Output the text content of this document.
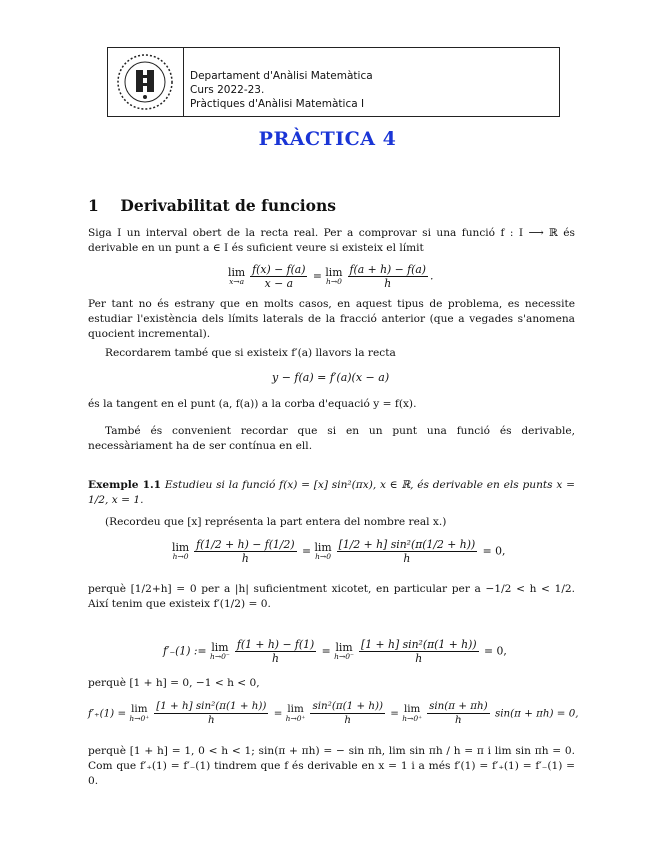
Departament d'Anàlisi Matemàtica
Curs 2022-23.
Pràctiques d'Anàlisi Matemàtica I
PRÀCTICA 4
1 Derivabilitat de funcions
Siga I un interval obert de la recta real. Per a comprovar si una funció f : I ⟶ ℝ és derivable en un punt a ∈ I és suficient veure si existeix el límit
lim
$x\to a \frac{f(x) - f(a)}{x - a} = \lim$
$h\to 0 \frac{f(a + h) - f(a)}{h}$ .
Per tant no és estrany que en molts casos, en aquest tipus de problema, es necessite estudiar l'existència dels límits laterals de la fracció anterior (que a vegades s'anomena quocient incremental).
Recordarem també que si existeix f′(a) llavors la recta
y − f(a) = f′(a)(x − a)
és la tangent en el punt (a, f(a)) a la corba d'equació y = f(x).
També és convenient recordar que si en un punt una funció és derivable, necessàriament ha de ser contínua en ell.
Exemple 1.1 Estudieu si la funció f(x) = [x] sin²(πx), x ∈ ℝ, és derivable en els punts x = 1/2, x = 1.
(Recordeu que [x] représenta la part entera del nombre real x.)
lim
$h\to 0 \frac{f(1/2 + h) - f(1/2)}{h} = \lim$
$h\to 0 \frac{\text{[1/2 + h] sin²(π(1/2 + h))}}{h} = 0$,
perquè [1/2+h] = 0 per a |h| suficientment xicotet, en particular per a −1/2 < h < 1/2. Així tenim que existeix f′(1/2) = 0.
f′₋(1) := lim
$h\to 0^- \frac{f(1 + h) - f(1)}{h} = \lim$
$h\to 0^- \frac{\text{[1 + h] sin²(π(1 + h))}}{h} = 0$,
perquè [1 + h] = 0, −1 < h < 0,
f′₊(1) = lim
$h\to 0^+ \frac{\text{[1 + h] sin²(π(1 + h))}}{h} = \lim$
$h\to 0^+ \frac{\text{sin²(π(1 + h))}}{h} = \lim$
$h\to 0^+ \frac{\sin(\pi + \pi h)}{h} \sin(\pi + \pi h) = 0$,
perquè [1 + h] = 1, 0 < h < 1; sin(π + πh) = − sin πh, lim sin πh / h = π i lim sin πh = 0. Com que f′₊(1) = f′₋(1) tindrem que f és derivable en x = 1 i a més f′(1) = f′₊(1) = f′₋(1) = 0.
